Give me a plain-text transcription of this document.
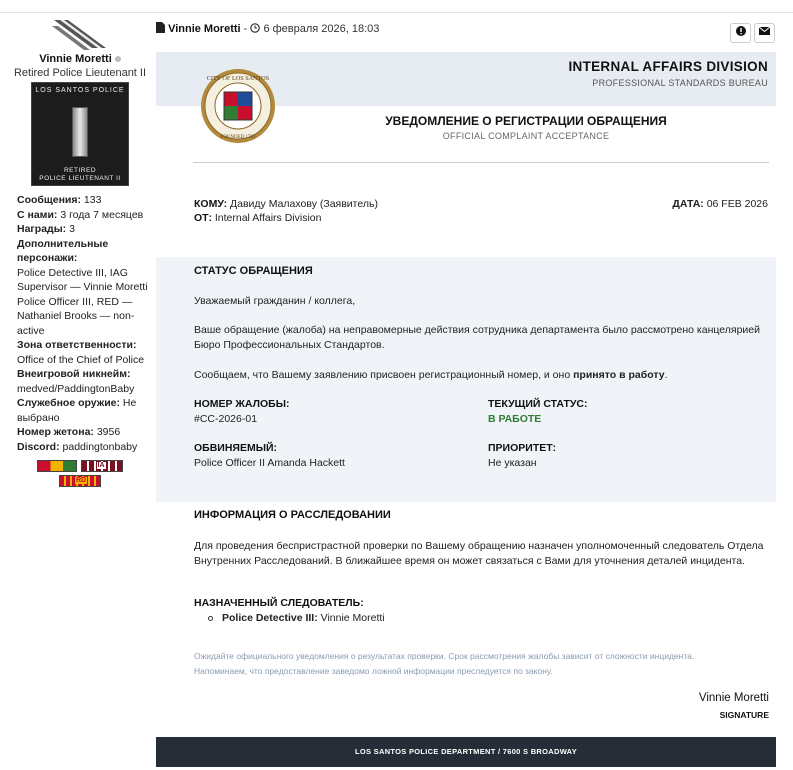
Vinnie Moretti
Retired Police Lieutenant II
LOS SANTOS POLICE
RETIRED
POLICE LIEUTENANT II
Сообщения: 133
С нами: 3 года 7 месяцев
Награды: 3
Дополнительные персонажи:
Police Detective III, IAG Supervisor — Vinnie Moretti
Police Officer III, RED — Nathaniel Brooks — non-active
Зона ответственности:
Office of the Chief of Police
Внеигровой никнейм:
medved/PaddingtonBaby
Служебное оружие: Не выбрано
Номер жетона: 3956
Discord: paddingtonbaby

IA

RD
Vinnie Moretti -  6 февраля 2026, 18:03
INTERNAL AFFAIRS DIVISION
PROFESSIONAL STANDARDS BUREAU
CITY OF LOS SANTOS
FOUNDED 1781
УВЕДОМЛЕНИЕ О РЕГИСТРАЦИИ ОБРАЩЕНИЯ
OFFICIAL COMPLAINT ACCEPTANCE
КОМУ: Давиду Малахову (Заявитель)
ОТ: Internal Affairs Division
ДАТА: 06 FEB 2026
СТАТУС ОБРАЩЕНИЯ
Уважаемый гражданин / коллега,
Ваше обращение (жалоба) на неправомерные действия сотрудника департамента было рассмотрено канцелярией Бюро Профессиональных Стандартов.
Сообщаем, что Вашему заявлению присвоен регистрационный номер, и оно принято в работу.
НОМЕР ЖАЛОБЫ:
#CC-2026-01
ТЕКУЩИЙ СТАТУС:
В РАБОТЕ
ОБВИНЯЕМЫЙ:
Police Officer II Amanda Hackett
ПРИОРИТЕТ:
Не указан
ИНФОРМАЦИЯ О РАССЛЕДОВАНИИ
Для проведения беспристрастной проверки по Вашему обращению назначен уполномоченный следователь Отдела Внутренних Расследований. В ближайшее время он может связаться с Вами для уточнения деталей инцидента.
НАЗНАЧЕННЫЙ СЛЕДОВАТЕЛЬ:
Police Detective III: Vinnie Moretti
Ожидайте официального уведомления о результатах проверки. Срок рассмотрения жалобы зависит от сложности инцидента.
Напоминаем, что предоставление заведомо ложной информации преследуется по закону.
Vinnie Moretti
SIGNATURE
LOS SANTOS POLICE DEPARTMENT / 7600 S BROADWAY
